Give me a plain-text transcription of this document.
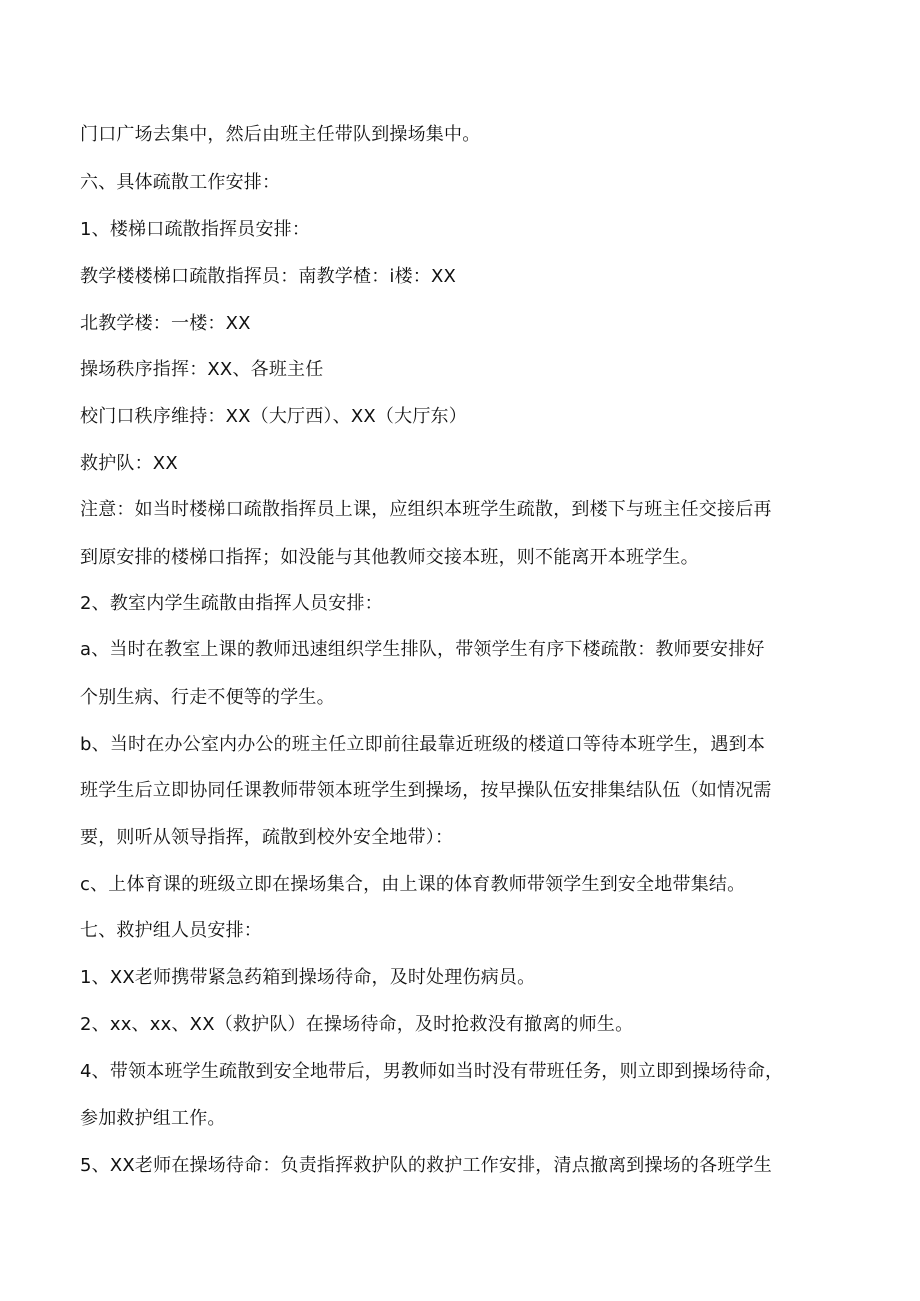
门口广场去集中，然后由班主任带队到操场集中。

六、具体疏散工作安排：

1、楼梯口疏散指挥员安排：

教学楼楼梯口疏散指挥员：南教学楂：i楼：XX

北教学楼：一楼：XX

操场秩序指挥：XX、各班主任

校门口秩序维持：XX（大厅西）、XX（大厅东）

救护队：XX

注意：如当时楼梯口疏散指挥员上课，应组织本班学生疏散，到楼下与班主任交接后再

到原安排的楼梯口指挥；如没能与其他教师交接本班，则不能离开本班学生。

2、教室内学生疏散由指挥人员安排：

a、当时在教室上课的教师迅速组织学生排队，带领学生有序下楼疏散：教师要安排好

个别生病、行走不便等的学生。

b、当时在办公室内办公的班主任立即前往最靠近班级的楼道口等待本班学生，遇到本

班学生后立即协同任课教师带领本班学生到操场，按早操队伍安排集结队伍（如情况需

要，则听从领导指挥，疏散到校外安全地带）：

c、上体育课的班级立即在操场集合，由上课的体育教师带领学生到安全地带集结。

七、救护组人员安排：

1、XX老师携带紧急药箱到操场待命，及时处理伤病员。

2、xx、xx、XX（救护队）在操场待命，及时抢救没有撤离的师生。

4、带领本班学生疏散到安全地带后，男教师如当时没有带班任务，则立即到操场待命，

参加救护组工作。

5、XX老师在操场待命：负责指挥救护队的救护工作安排，清点撤离到操场的各班学生
